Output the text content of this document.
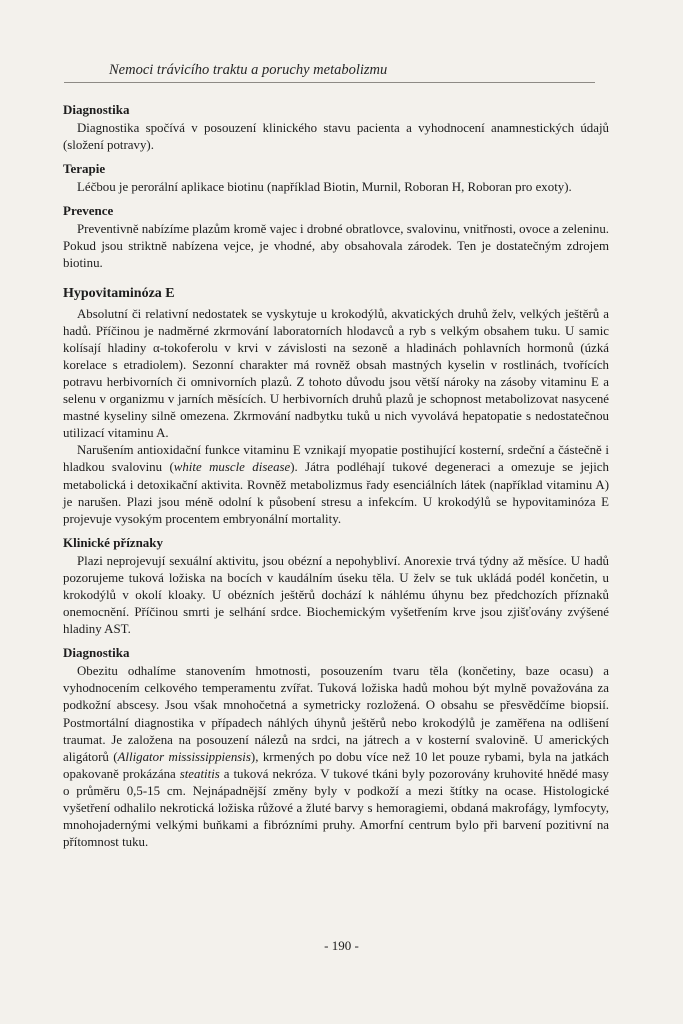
Nemoci trávicího traktu a poruchy metabolizmu
Diagnostika

Diagnostika spočívá v posouzení klinického stavu pacienta a vyhodnocení anamnestických údajů (složení potravy).

Terapie

Léčbou je perorální aplikace biotinu (například Biotin, Murnil, Roboran H, Roboran pro exoty).

Prevence

Preventivně nabízíme plazům kromě vajec i drobné obratlovce, svalovinu, vnitřnosti, ovoce a zeleninu. Pokud jsou striktně nabízena vejce, je vhodné, aby obsahovala zárodek. Ten je dostatečným zdrojem biotinu.

Hypovitaminóza E

Absolutní či relativní nedostatek se vyskytuje u krokodýlů, akvatických druhů želv, velkých ještěrů a hadů. Příčinou je nadměrné zkrmování laboratorních hlodavců a ryb s velkým obsahem tuku. U samic kolísají hladiny α-tokoferolu v krvi v závislosti na sezoně a hladinách pohlavních hormonů (úzká korelace s etradiolem). Sezonní charakter má rovněž obsah mastných kyselin v rostlinách, tvořících potravu herbivorních či omnivorních plazů. Z tohoto důvodu jsou větší nároky na zásoby vitaminu E a selenu v organizmu v jarních měsících. U herbivorních druhů plazů je schopnost metabolizovat nasycené mastné kyseliny silně omezena. Zkrmování nadbytku tuků u nich vyvolává hepatopatie s nedostatečnou utilizací vitaminu A.

Narušením antioxidační funkce vitaminu E vznikají myopatie postihující kosterní, srdeční a částečně i hladkou svalovinu (white muscle disease). Játra podléhají tukové degeneraci a omezuje se jejich metabolická i detoxikační aktivita. Rovněž metabolizmus řady esenciálních látek (například vitaminu A) je narušen. Plazi jsou méně odolní k působení stresu a infekcím. U krokodýlů se hypovitaminóza E projevuje vysokým procentem embryonální mortality.

Klinické příznaky

Plazi neprojevují sexuální aktivitu, jsou obézní a nepohybliví. Anorexie trvá týdny až měsíce. U hadů pozorujeme tuková ložiska na bocích v kaudálním úseku těla. U želv se tuk ukládá podél končetin, u krokodýlů v okolí kloaky. U obézních ještěrů dochází k náhlému úhynu bez předchozích příznaků onemocnění. Příčinou smrti je selhání srdce. Biochemickým vyšetřením krve jsou zjišťovány zvýšené hladiny AST.

Diagnostika

Obezitu odhalíme stanovením hmotnosti, posouzením tvaru těla (končetiny, baze ocasu) a vyhodnocením celkového temperamentu zvířat. Tuková ložiska hadů mohou být mylně považována za podkožní abscesy. Jsou však mnohočetná a symetricky rozložená. O obsahu se přesvědčíme biopsií. Postmortální diagnostika v případech náhlých úhynů ještěrů nebo krokodýlů je zaměřena na odlišení traumat. Je založena na posouzení nálezů na srdci, na játrech a v kosterní svalovině. U amerických aligátorů (Alligator mississippiensis), krmených po dobu více než 10 let pouze rybami, byla na jatkách opakovaně prokázána steatitis a tuková nekróza. V tukové tkáni byly pozorovány kruhovité hnědé masy o průměru 0,5-15 cm. Nejnápadnější změny byly v podkoží a mezi štítky na ocase. Histologické vyšetření odhalilo nekrotická ložiska růžové a žluté barvy s hemoragiemi, obdaná makrofágy, lymfocyty, mnohojadernými velkými buňkami a fibrózními pruhy. Amorfní centrum bylo při barvení pozitivní na přítomnost tuku.

- 190 -
